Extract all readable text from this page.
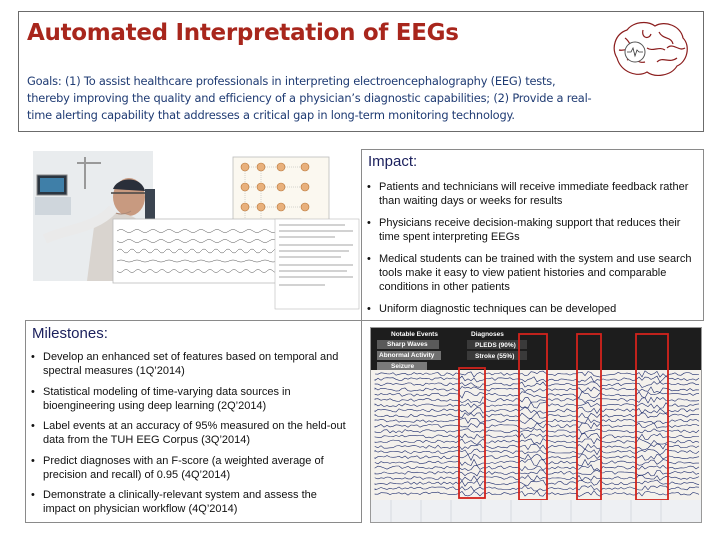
Automated Interpretation of EEGs
Goals: (1) To assist healthcare professionals in interpreting electroencephalography (EEG) tests, thereby improving the quality and efficiency of a physician’s diagnostic capabilities; (2) Provide a real-time alerting capability that addresses a critical gap in long-term monitoring technology.
Impact:
• Patients and technicians will receive immediate feedback rather than waiting days or weeks for results
• Physicians receive decision-making support that reduces their time spent interpreting EEGs
• Medical students can be trained with the system and use search tools make it easy to view patient histories and comparable conditions in other patients
• Uniform diagnostic techniques can be developed
Milestones:
• Develop an enhanced set of features based on temporal and spectral measures (1Q’2014)
• Statistical modeling of time-varying data sources in bioengineering using deep learning (2Q’2014)
• Label events at an accuracy of 95% measured on the held-out data from the TUH EEG Corpus (3Q’2014)
• Predict diagnoses with an F-score (a weighted average of precision and recall) of 0.95 (4Q’2014)
• Demonstrate a clinically-relevant system and assess the impact on physician workflow (4Q’2014)
Notable Events
Sharp Waves
Abnormal Activity
Seizure
Diagnoses
PLEDS (90%)
Stroke (55%)
